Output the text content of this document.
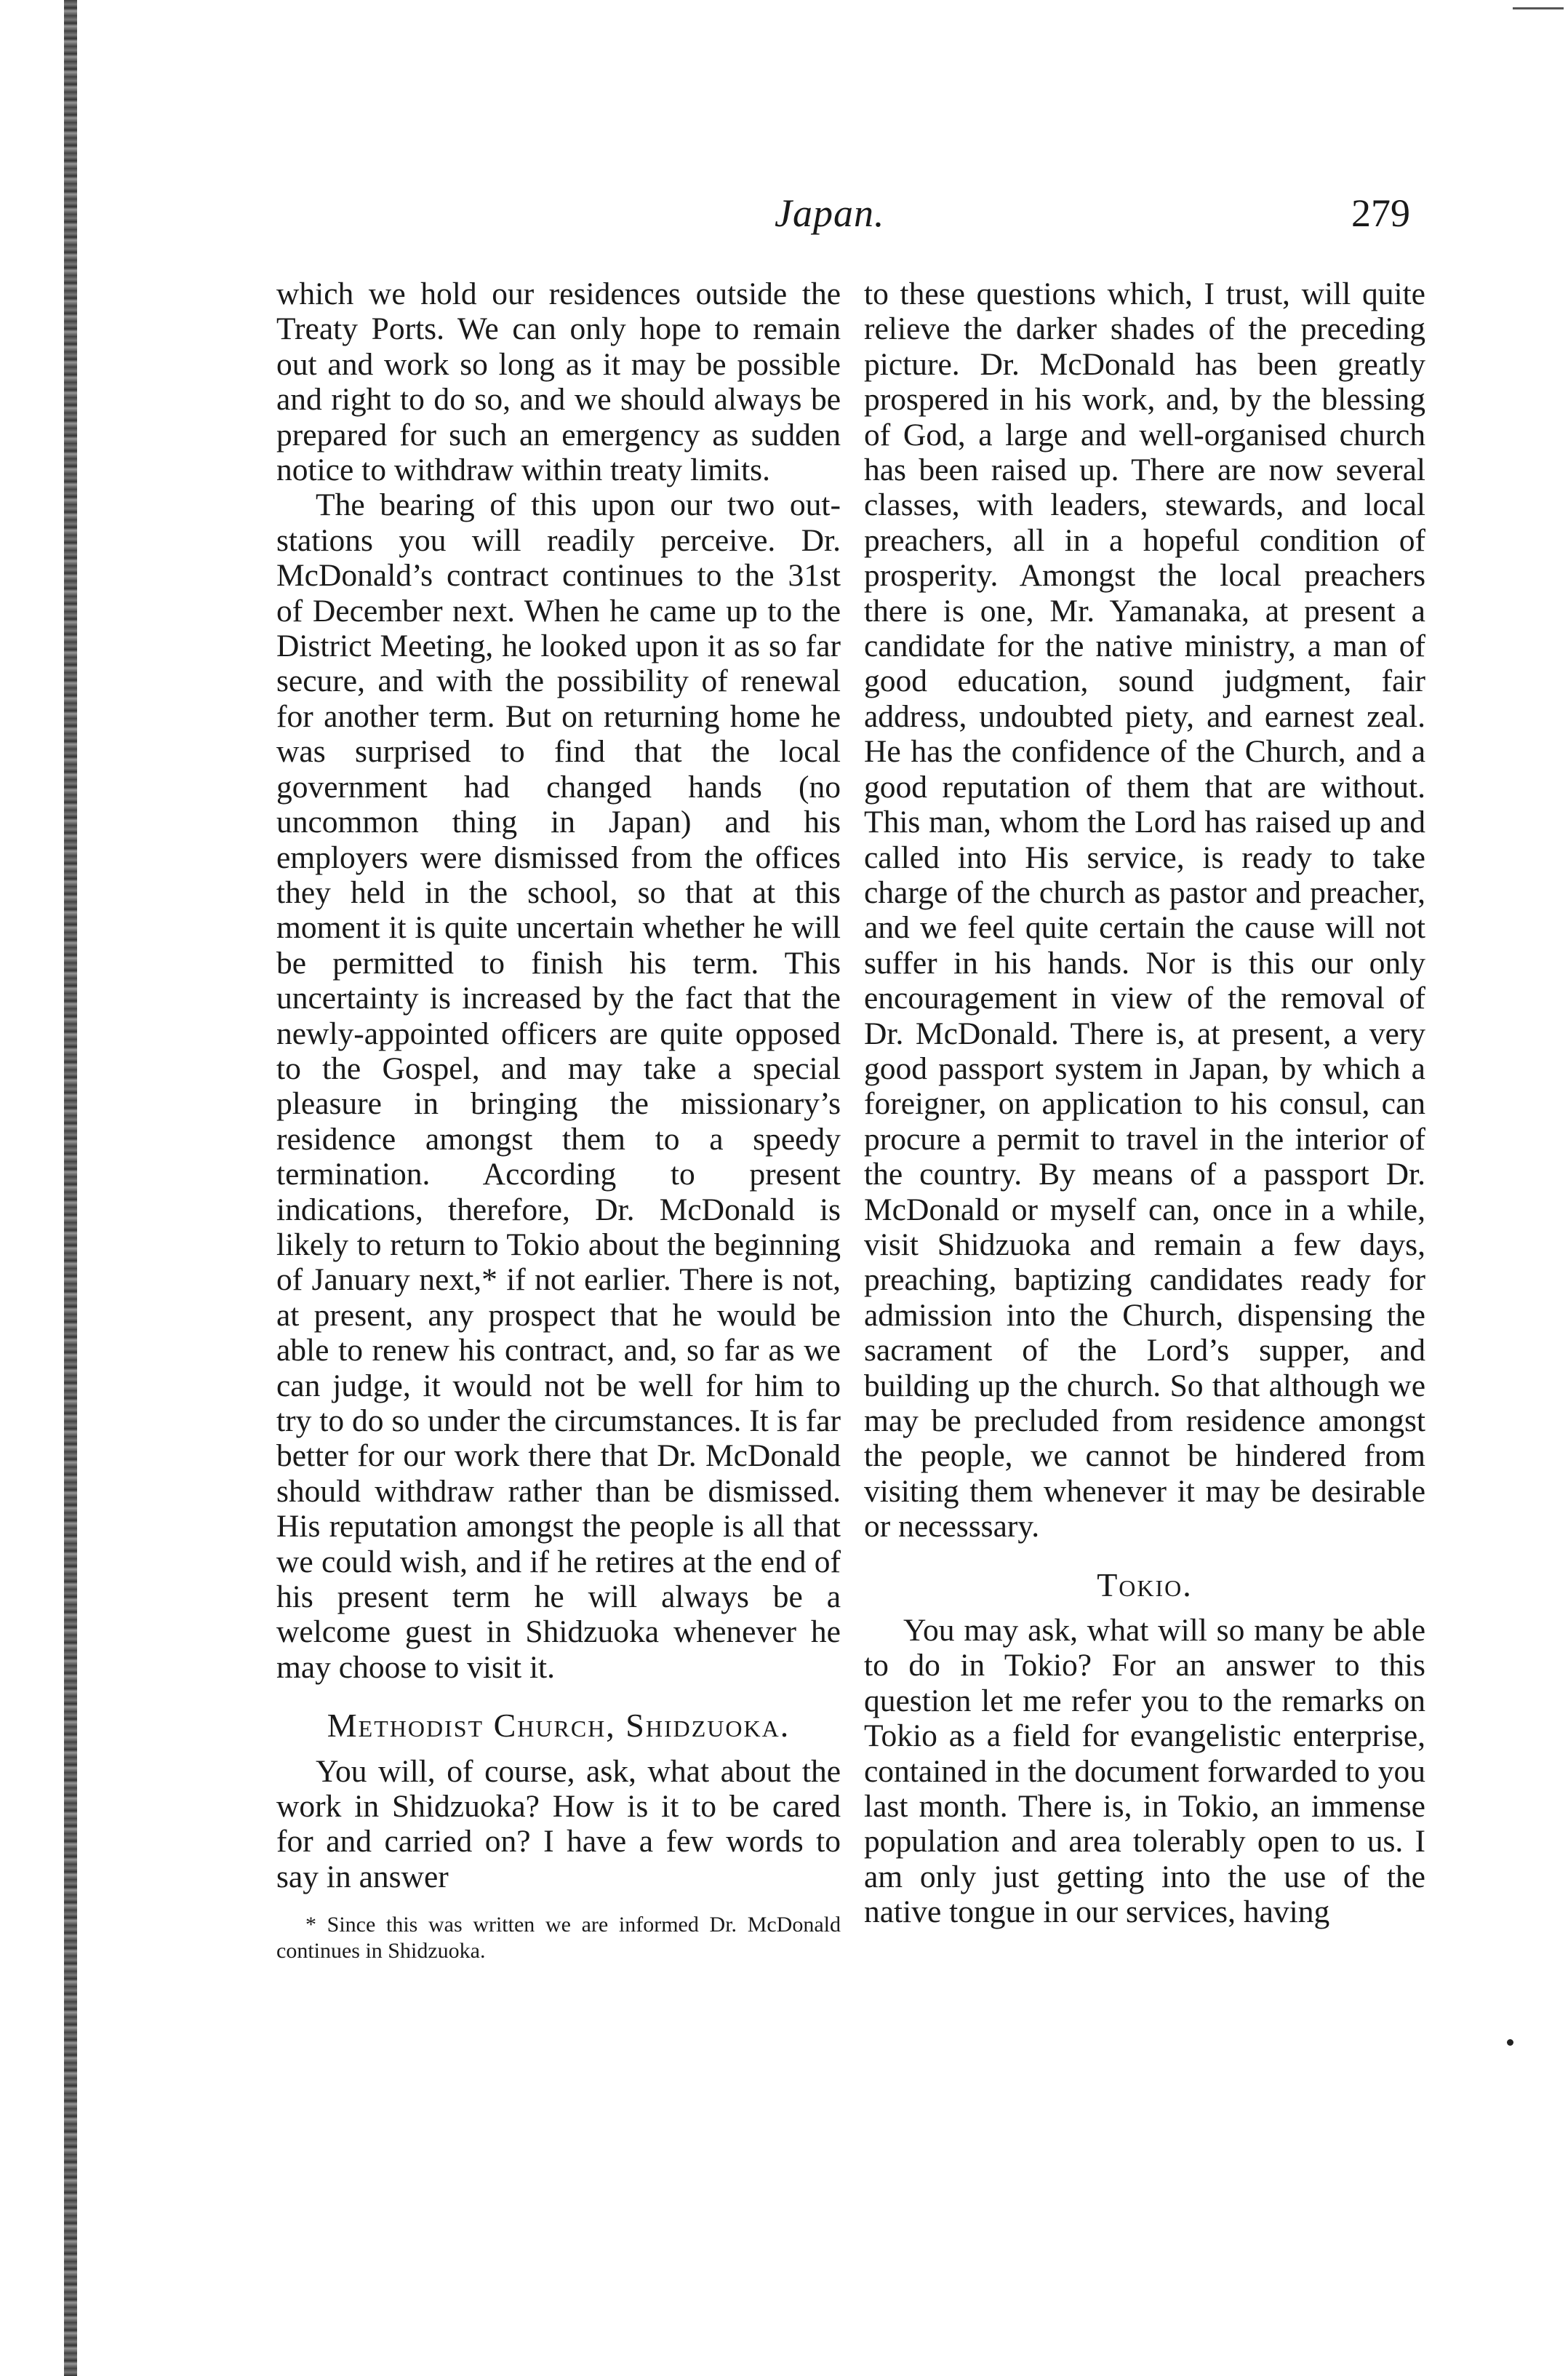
Japan.	279

which we hold our residences outside the Treaty Ports. We can only hope to remain out and work so long as it may be possible and right to do so, and we should always be prepared for such an emergency as sudden notice to withdraw within treaty limits.

The bearing of this upon our two out-stations you will readily perceive. Dr. McDonald’s contract continues to the 31st of December next. When he came up to the District Meeting, he looked upon it as so far secure, and with the possibility of renewal for another term. But on returning home he was surprised to find that the local government had changed hands (no uncommon thing in Japan) and his employers were dismissed from the offices they held in the school, so that at this moment it is quite uncertain whether he will be permitted to finish his term. This uncertainty is increased by the fact that the newly-appointed officers are quite opposed to the Gospel, and may take a special pleasure in bringing the missionary’s residence amongst them to a speedy termination. According to present indications, therefore, Dr. McDonald is likely to return to Tokio about the beginning of January next,* if not earlier. There is not, at present, any prospect that he would be able to renew his contract, and, so far as we can judge, it would not be well for him to try to do so under the circumstances. It is far better for our work there that Dr. McDonald should withdraw rather than be dismissed. His reputation amongst the people is all that we could wish, and if he retires at the end of his present term he will always be a welcome guest in Shidzuoka whenever he may choose to visit it.

Methodist Church, Shidzuoka.

You will, of course, ask, what about the work in Shidzuoka? How is it to be cared for and carried on? I have a few words to say in answer

* Since this was written we are informed Dr. McDonald continues in Shidzuoka.

to these questions which, I trust, will quite relieve the darker shades of the preceding picture. Dr. McDonald has been greatly prospered in his work, and, by the blessing of God, a large and well-organised church has been raised up. There are now several classes, with leaders, stewards, and local preachers, all in a hopeful condition of prosperity. Amongst the local preachers there is one, Mr. Yamanaka, at present a candidate for the native ministry, a man of good education, sound judgment, fair address, undoubted piety, and earnest zeal. He has the confidence of the Church, and a good reputation of them that are without. This man, whom the Lord has raised up and called into His service, is ready to take charge of the church as pastor and preacher, and we feel quite certain the cause will not suffer in his hands. Nor is this our only encouragement in view of the removal of Dr. McDonald. There is, at present, a very good passport system in Japan, by which a foreigner, on application to his consul, can procure a permit to travel in the interior of the country. By means of a passport Dr. McDonald or myself can, once in a while, visit Shidzuoka and remain a few days, preaching, baptizing candidates ready for admission into the Church, dispensing the sacrament of the Lord’s supper, and building up the church. So that although we may be precluded from residence amongst the people, we cannot be hindered from visiting them whenever it may be desirable or necesssary.

Tokio.

You may ask, what will so many be able to do in Tokio? For an answer to this question let me refer you to the remarks on Tokio as a field for evangelistic enterprise, contained in the document forwarded to you last month. There is, in Tokio, an immense population and area tolerably open to us. I am only just getting into the use of the native tongue in our services, having
